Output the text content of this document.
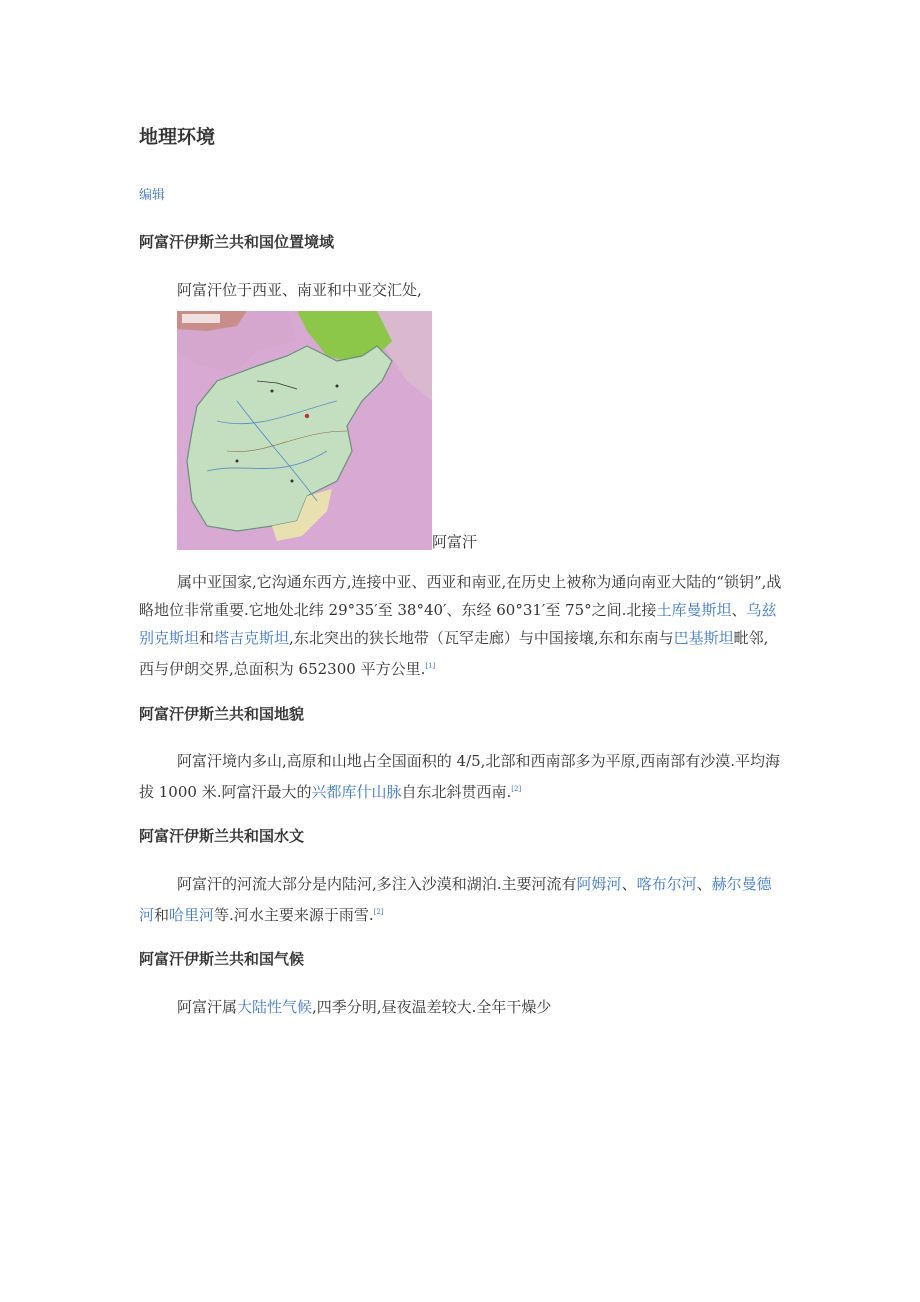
地理环境
编辑
阿富汗伊斯兰共和国位置境域

阿富汗位于西亚、南亚和中亚交汇处,

阿富汗

属中亚国家,它沟通东西方,连接中亚、西亚和南亚,在历史上被称为通向南亚大陆的“锁钥”,战略地位非常重要.它地处北纬 29°35′至 38°40′、东经 60°31′至 75°之间.北接土库曼斯坦、乌兹别克斯坦和塔吉克斯坦,东北突出的狭长地带（瓦罕走廊）与中国接壤,东和东南与巴基斯坦毗邻,西与伊朗交界,总面积为 652300 平方公里.[1]

阿富汗伊斯兰共和国地貌

阿富汗境内多山,高原和山地占全国面积的 4/5,北部和西南部多为平原,西南部有沙漠.平均海拔 1000 米.阿富汗最大的兴都库什山脉自东北斜贯西南.[2]

阿富汗伊斯兰共和国水文

阿富汗的河流大部分是内陆河,多注入沙漠和湖泊.主要河流有阿姆河、喀布尔河、赫尔曼德河和哈里河等.河水主要来源于雨雪.[2]

阿富汗伊斯兰共和国气候

阿富汗属大陆性气候,四季分明,昼夜温差较大.全年干燥少
